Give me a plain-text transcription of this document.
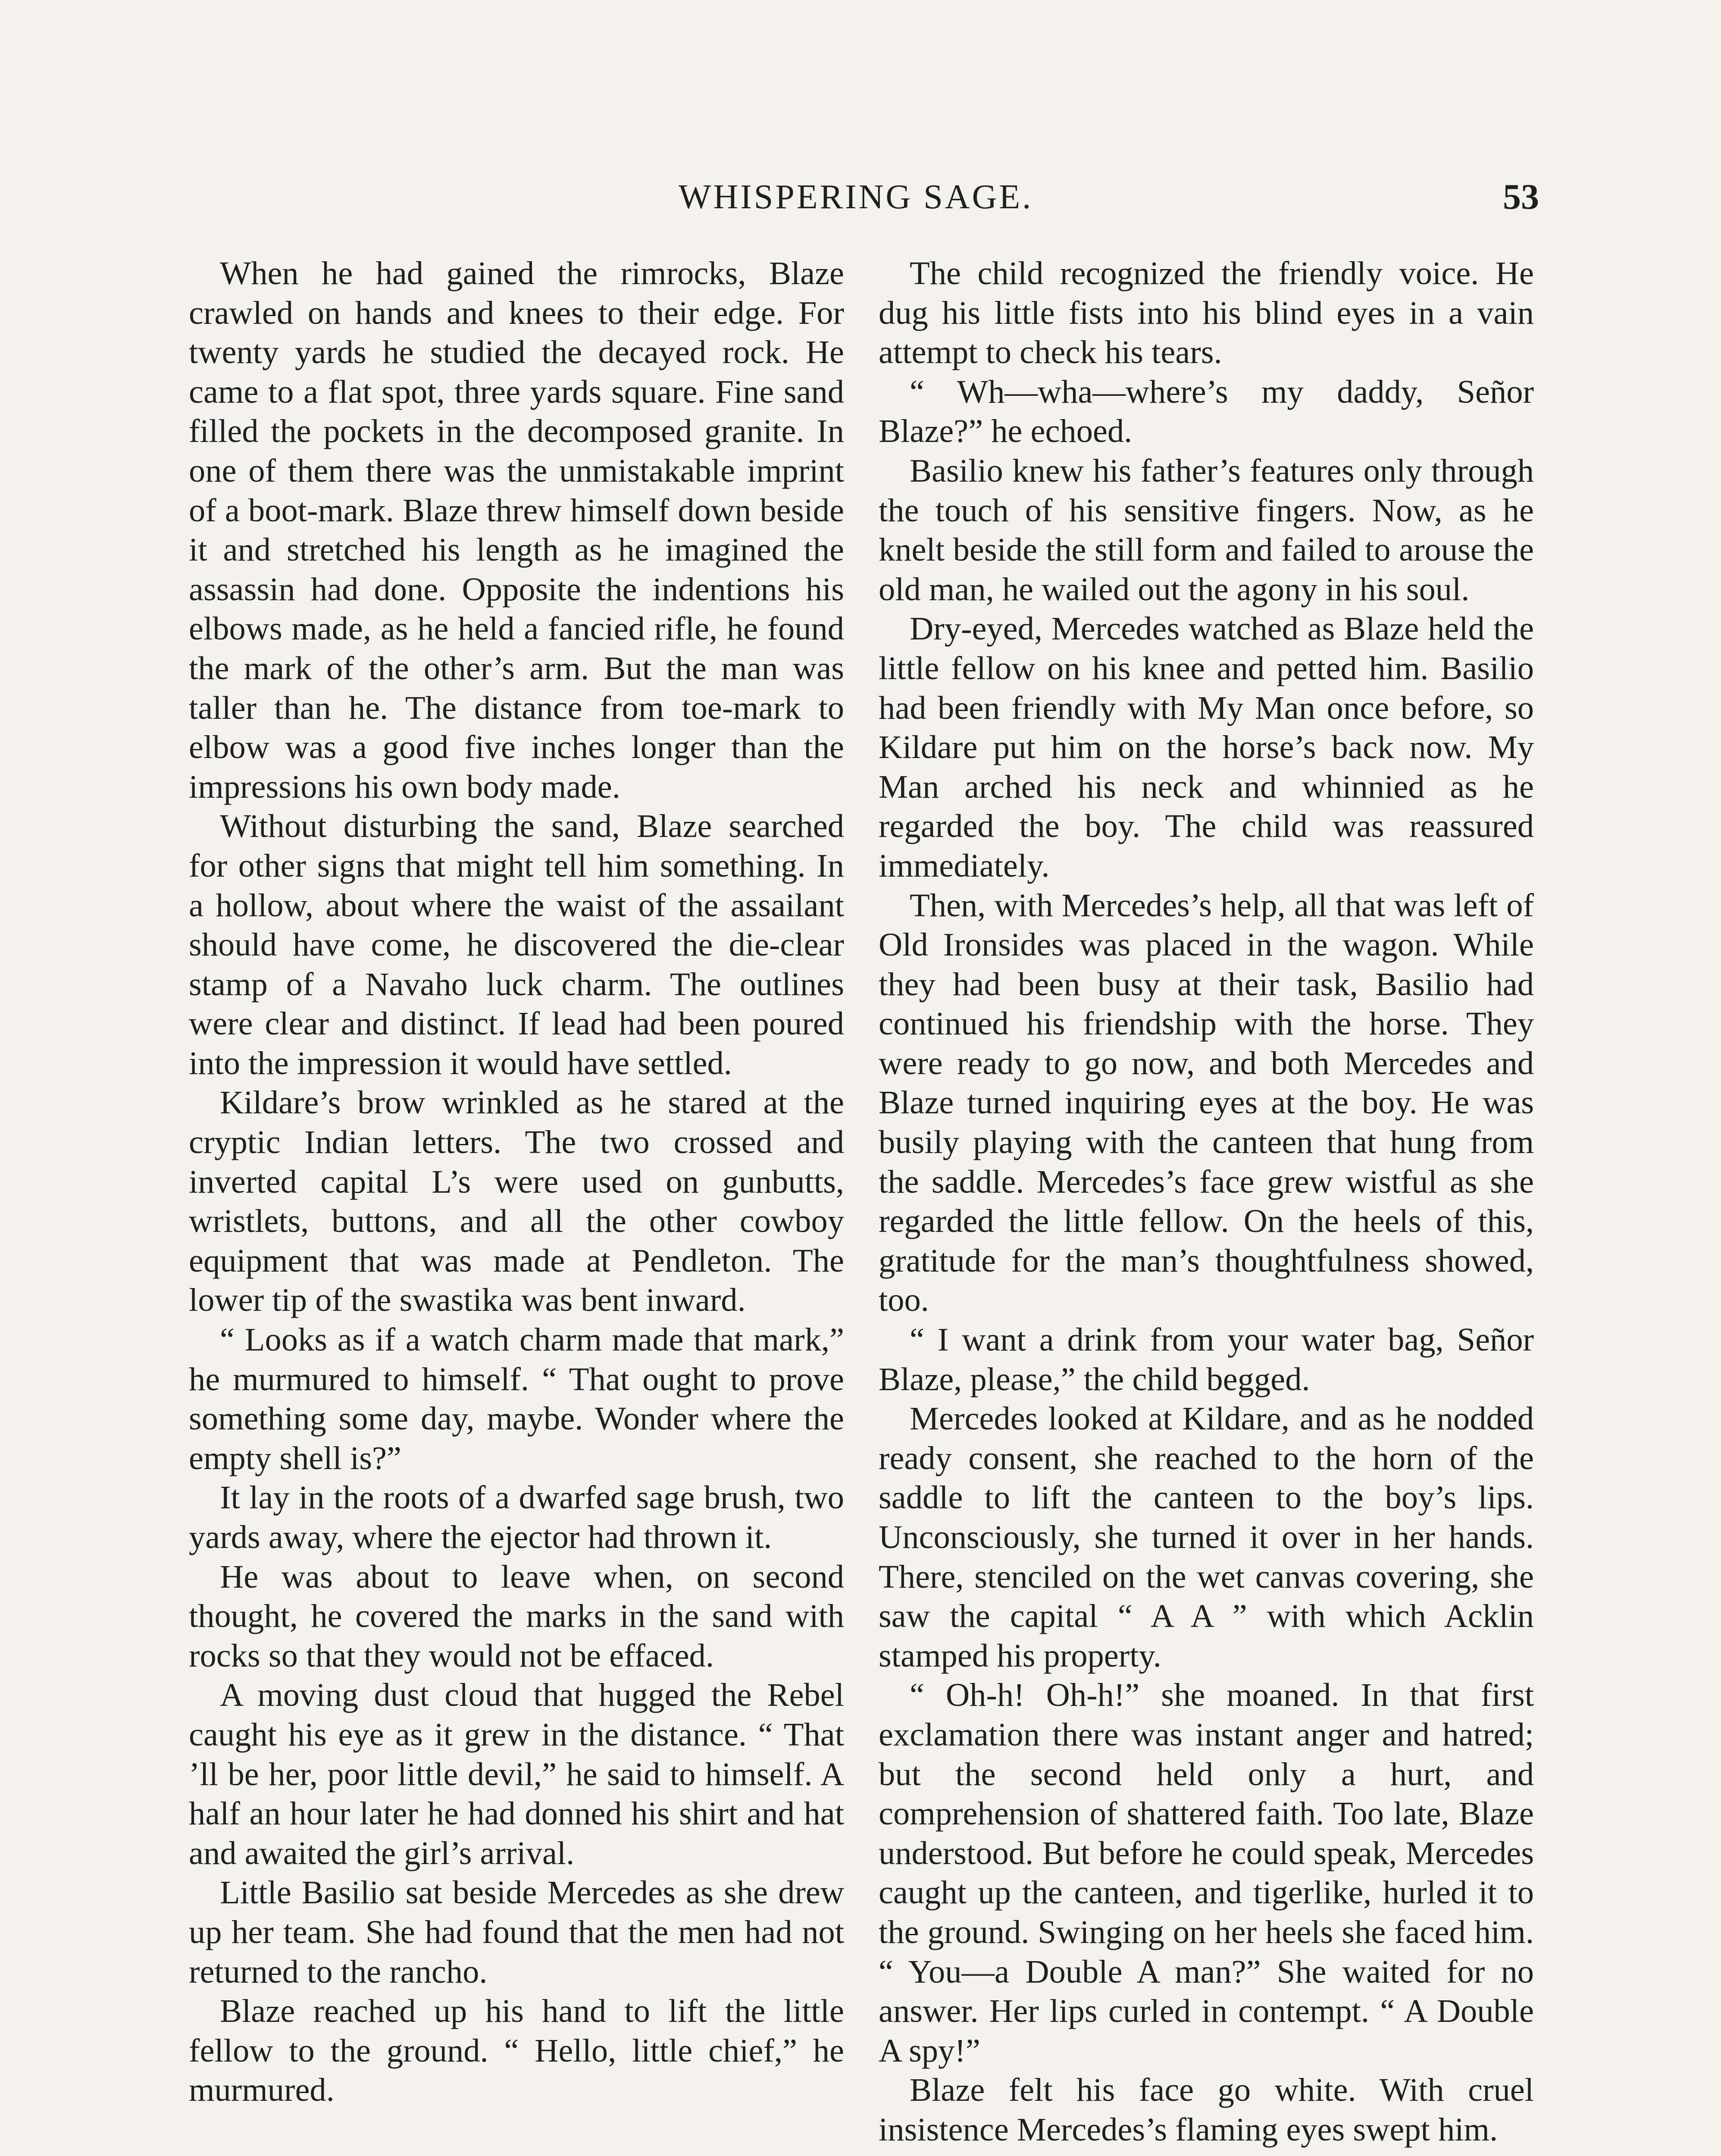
WHISPERING SAGE.	53

When he had gained the rimrocks, Blaze crawled on hands and knees to their edge. For twenty yards he studied the decayed rock. He came to a flat spot, three yards square. Fine sand filled the pockets in the decomposed granite. In one of them there was the unmistakable imprint of a boot-mark. Blaze threw himself down beside it and stretched his length as he imagined the assassin had done. Opposite the indentions his elbows made, as he held a fancied rifle, he found the mark of the other’s arm. But the man was taller than he. The distance from toe-mark to elbow was a good five inches longer than the impressions his own body made.

Without disturbing the sand, Blaze searched for other signs that might tell him something. In a hollow, about where the waist of the assailant should have come, he discovered the die-clear stamp of a Navaho luck charm. The outlines were clear and distinct. If lead had been poured into the impression it would have settled.

Kildare’s brow wrinkled as he stared at the cryptic Indian letters. The two crossed and inverted capital L’s were used on gunbutts, wristlets, buttons, and all the other cowboy equipment that was made at Pendleton. The lower tip of the swastika was bent inward.

“ Looks as if a watch charm made that mark,” he murmured to himself. “ That ought to prove something some day, maybe. Wonder where the empty shell is?”

It lay in the roots of a dwarfed sage brush, two yards away, where the ejector had thrown it.

He was about to leave when, on second thought, he covered the marks in the sand with rocks so that they would not be effaced.

A moving dust cloud that hugged the Rebel caught his eye as it grew in the distance. “ That ’ll be her, poor little devil,” he said to himself. A half an hour later he had donned his shirt and hat and awaited the girl’s arrival.

Little Basilio sat beside Mercedes as she drew up her team. She had found that the men had not returned to the rancho.

Blaze reached up his hand to lift the little fellow to the ground. “ Hello, little chief,” he murmured.

The child recognized the friendly voice. He dug his little fists into his blind eyes in a vain attempt to check his tears.

“ Wh—wha—where’s my daddy, Señor Blaze?” he echoed.

Basilio knew his father’s features only through the touch of his sensitive fingers. Now, as he knelt beside the still form and failed to arouse the old man, he wailed out the agony in his soul.

Dry-eyed, Mercedes watched as Blaze held the little fellow on his knee and petted him. Basilio had been friendly with My Man once before, so Kildare put him on the horse’s back now. My Man arched his neck and whinnied as he regarded the boy. The child was reassured immediately.

Then, with Mercedes’s help, all that was left of Old Ironsides was placed in the wagon. While they had been busy at their task, Basilio had continued his friendship with the horse. They were ready to go now, and both Mercedes and Blaze turned inquiring eyes at the boy. He was busily playing with the canteen that hung from the saddle. Mercedes’s face grew wistful as she regarded the little fellow. On the heels of this, gratitude for the man’s thoughtfulness showed, too.

“ I want a drink from your water bag, Señor Blaze, please,” the child begged.

Mercedes looked at Kildare, and as he nodded ready consent, she reached to the horn of the saddle to lift the canteen to the boy’s lips. Unconsciously, she turned it over in her hands. There, stenciled on the wet canvas covering, she saw the capital “ A A ” with which Acklin stamped his property.

“ Oh-h! Oh-h!” she moaned. In that first exclamation there was instant anger and hatred; but the second held only a hurt, and comprehension of shattered faith. Too late, Blaze understood. But before he could speak, Mercedes caught up the canteen, and tigerlike, hurled it to the ground. Swinging on her heels she faced him. “ You—a Double A man?” She waited for no answer. Her lips curled in contempt. “ A Double A spy!”

Blaze felt his face go white. With cruel insistence Mercedes’s flaming eyes swept him.
